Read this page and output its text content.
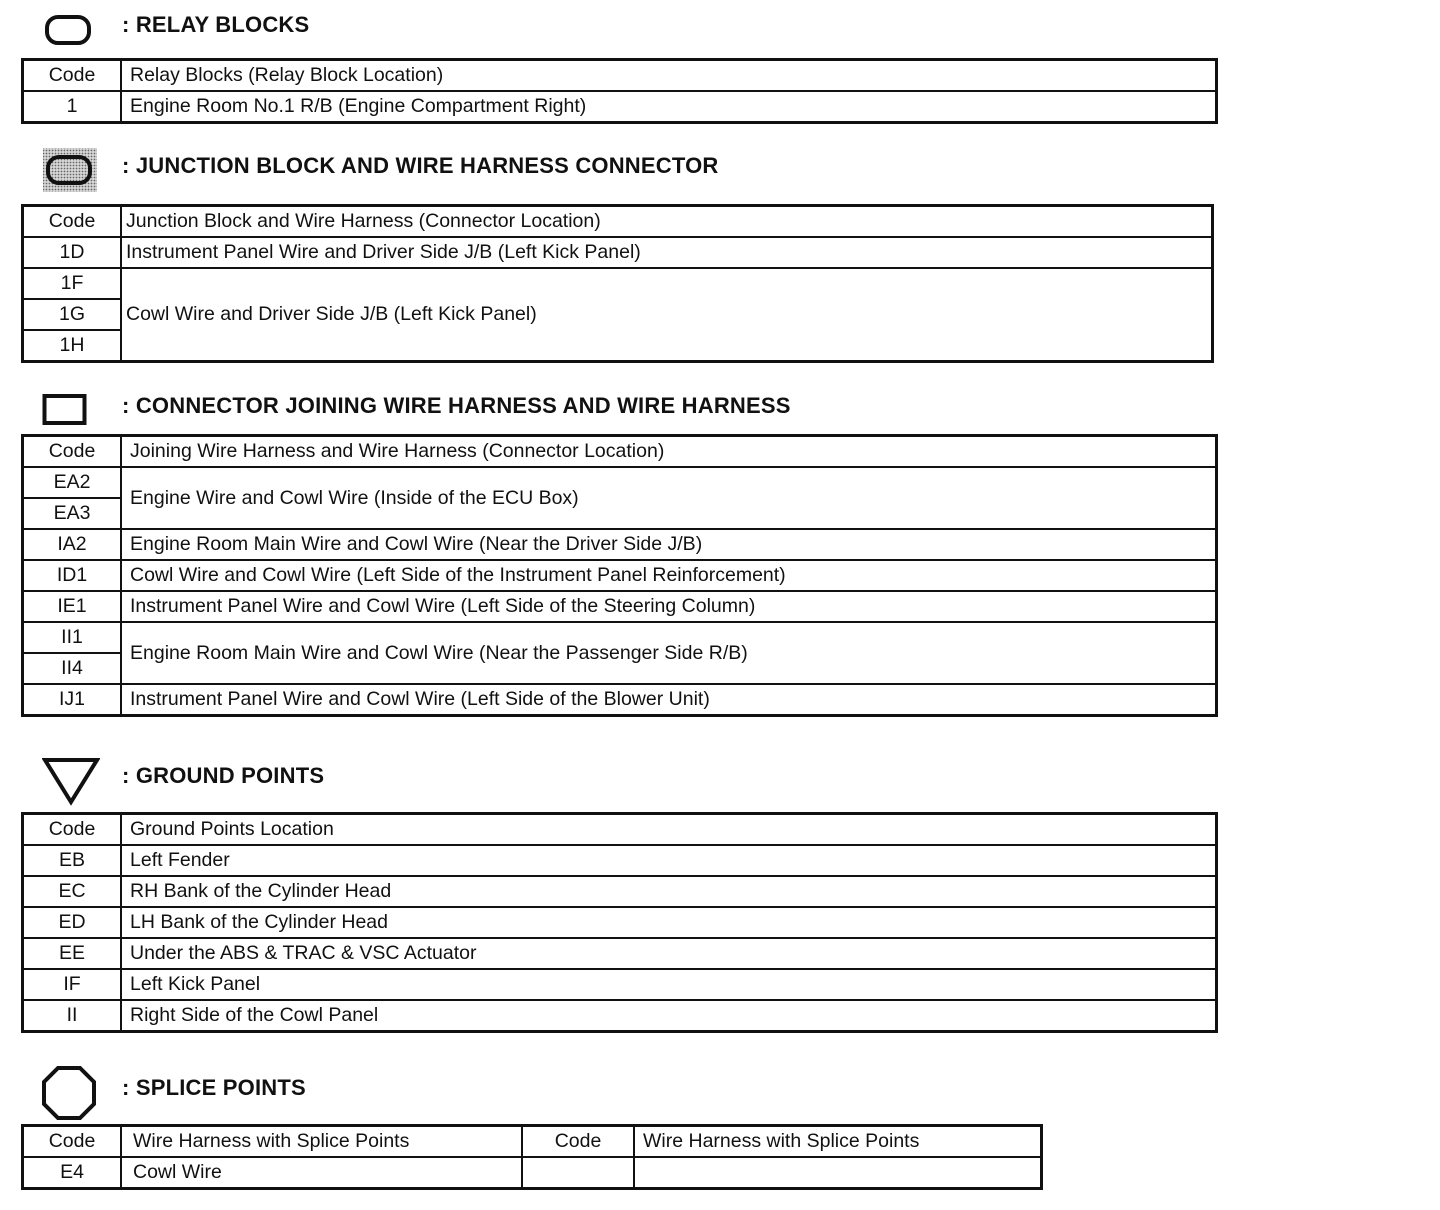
: RELAY BLOCKS
Code	Relay Blocks (Relay Block Location)
1	Engine Room No.1 R/B (Engine Compartment Right)
: JUNCTION BLOCK AND WIRE HARNESS CONNECTOR
Code	Junction Block and Wire Harness (Connector Location)
1D	Instrument Panel Wire and Driver Side J/B (Left Kick Panel)
1F	Cowl Wire and Driver Side J/B (Left Kick Panel)
1G	
1H	
: CONNECTOR JOINING WIRE HARNESS AND WIRE HARNESS
Code	Joining Wire Harness and Wire Harness (Connector Location)
EA2	Engine Wire and Cowl Wire (Inside of the ECU Box)
EA3	
IA2	Engine Room Main Wire and Cowl Wire (Near the Driver Side J/B)
ID1	Cowl Wire and Cowl Wire (Left Side of the Instrument Panel Reinforcement)
IE1	Instrument Panel Wire and Cowl Wire (Left Side of the Steering Column)
II1	Engine Room Main Wire and Cowl Wire (Near the Passenger Side R/B)
II4	
IJ1	Instrument Panel Wire and Cowl Wire (Left Side of the Blower Unit)
: GROUND POINTS
Code	Ground Points Location
EB	Left Fender
EC	RH Bank of the Cylinder Head
ED	LH Bank of the Cylinder Head
EE	Under the ABS & TRAC & VSC Actuator
IF	Left Kick Panel
II	Right Side of the Cowl Panel
: SPLICE POINTS
Code	Wire Harness with Splice Points	Code	Wire Harness with Splice Points
E4	Cowl Wire		
